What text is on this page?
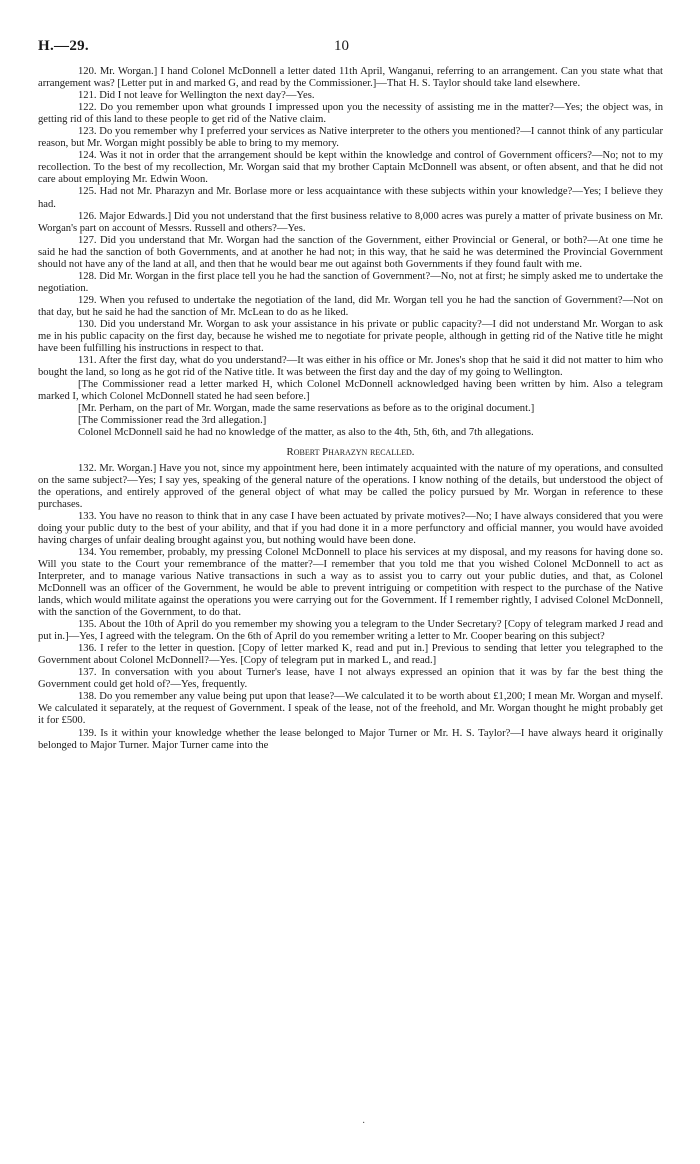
H.—29.	10

120. Mr. Worgan.] I hand Colonel McDonnell a letter dated 11th April, Wanganui, referring to an arrangement. Can you state what that arrangement was? [Letter put in and marked G, and read by the Commissioner.]—That H. S. Taylor should take land elsewhere.

121. Did I not leave for Wellington the next day?—Yes.

122. Do you remember upon what grounds I impressed upon you the necessity of assisting me in the matter?—Yes; the object was, in getting rid of this land to these people to get rid of the Native claim.

123. Do you remember why I preferred your services as Native interpreter to the others you mentioned?—I cannot think of any particular reason, but Mr. Worgan might possibly be able to bring to my memory.

124. Was it not in order that the arrangement should be kept within the knowledge and control of Government officers?—No; not to my recollection. To the best of my recollection, Mr. Worgan said that my brother Captain McDonnell was absent, or often absent, and that he did not care about employing Mr. Edwin Woon.

125. Had not Mr. Pharazyn and Mr. Borlase more or less acquaintance with these subjects within your knowledge?—Yes; I believe they had.

126. Major Edwards.] Did you not understand that the first business relative to 8,000 acres was purely a matter of private business on Mr. Worgan's part on account of Messrs. Russell and others?—Yes.

127. Did you understand that Mr. Worgan had the sanction of the Government, either Provincial or General, or both?—At one time he said he had the sanction of both Governments, and at another he had not; in this way, that he said he was determined the Provincial Government should not have any of the land at all, and then that he would bear me out against both Governments if they found fault with me.

128. Did Mr. Worgan in the first place tell you he had the sanction of Government?—No, not at first; he simply asked me to undertake the negotiation.

129. When you refused to undertake the negotiation of the land, did Mr. Worgan tell you he had the sanction of Government?—Not on that day, but he said he had the sanction of Mr. McLean to do as he liked.

130. Did you understand Mr. Worgan to ask your assistance in his private or public capacity?—I did not understand Mr. Worgan to ask me in his public capacity on the first day, because he wished me to negotiate for private people, although in getting rid of the Native title he might have been fulfilling his instructions in respect to that.

131. After the first day, what do you understand?—It was either in his office or Mr. Jones's shop that he said it did not matter to him who bought the land, so long as he got rid of the Native title. It was between the first day and the day of my going to Wellington.

[The Commissioner read a letter marked H, which Colonel McDonnell acknowledged having been written by him. Also a telegram marked I, which Colonel McDonnell stated he had seen before.]

[Mr. Perham, on the part of Mr. Worgan, made the same reservations as before as to the original document.]

[The Commissioner read the 3rd allegation.]

Colonel McDonnell said he had no knowledge of the matter, as also to the 4th, 5th, 6th, and 7th allegations.

Robert Pharazyn recalled.

132. Mr. Worgan.] Have you not, since my appointment here, been intimately acquainted with the nature of my operations, and consulted on the same subject?—Yes; I say yes, speaking of the general nature of the operations. I know nothing of the details, but understood the object of the operations, and entirely approved of the general object of what may be called the policy pursued by Mr. Worgan in reference to these purchases.

133. You have no reason to think that in any case I have been actuated by private motives?—No; I have always considered that you were doing your public duty to the best of your ability, and that if you had done it in a more perfunctory and official manner, you would have avoided having charges of unfair dealing brought against you, but nothing would have been done.

134. You remember, probably, my pressing Colonel McDonnell to place his services at my disposal, and my reasons for having done so. Will you state to the Court your remembrance of the matter?—I remember that you told me that you wished Colonel McDonnell to act as Interpreter, and to manage various Native transactions in such a way as to assist you to carry out your public duties, and that, as Colonel McDonnell was an officer of the Government, he would be able to prevent intriguing or competition with respect to the purchase of the Native lands, which would militate against the operations you were carrying out for the Government. If I remember rightly, I advised Colonel McDonnell, with the sanction of the Government, to do that.

135. About the 10th of April do you remember my showing you a telegram to the Under Secretary? [Copy of telegram marked J read and put in.]—Yes, I agreed with the telegram. On the 6th of April do you remember writing a letter to Mr. Cooper bearing on this subject?

136. I refer to the letter in question. [Copy of letter marked K, read and put in.] Previous to sending that letter you telegraphed to the Government about Colonel McDonnell?—Yes. [Copy of telegram put in marked L, and read.]

137. In conversation with you about Turner's lease, have I not always expressed an opinion that it was by far the best thing the Government could get hold of?—Yes, frequently.

138. Do you remember any value being put upon that lease?—We calculated it to be worth about £1,200; I mean Mr. Worgan and myself. We calculated it separately, at the request of Government. I speak of the lease, not of the freehold, and Mr. Worgan thought he might probably get it for £500.

139. Is it within your knowledge whether the lease belonged to Major Turner or Mr. H. S. Taylor?—I have always heard it originally belonged to Major Turner. Major Turner came into the

·
